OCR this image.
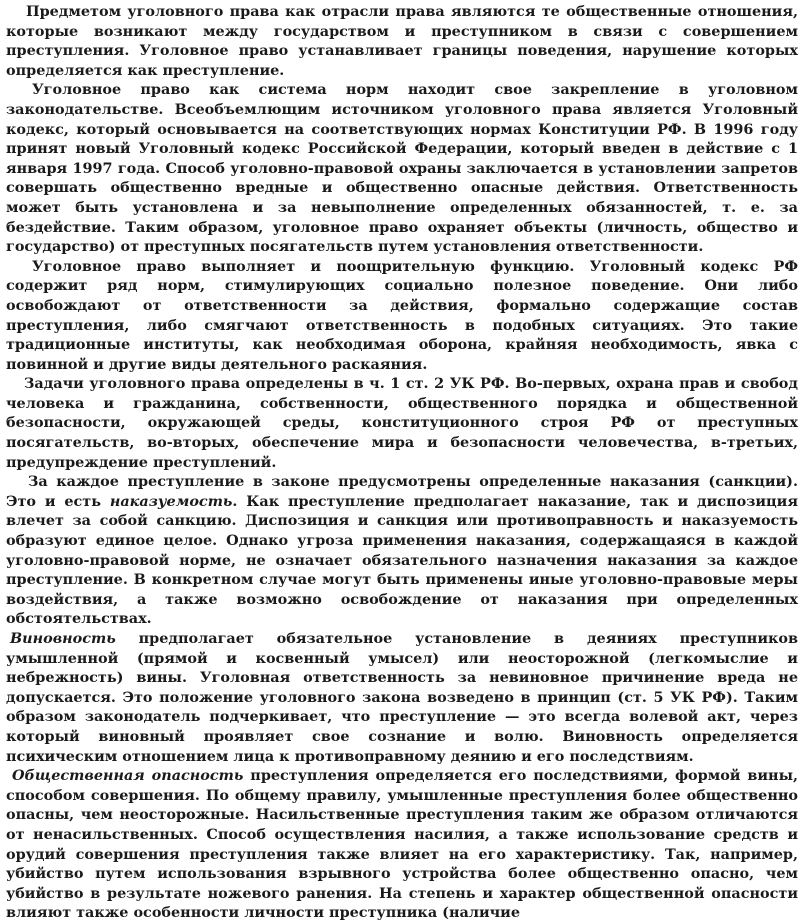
Предметом уголовного права как отрасли права являются те общественные отношения, которые возникают между государством и преступником в связи с совершением преступления. Уголовное право устанавливает границы поведения, нарушение которых определяется как преступление.

Уголовное право как система норм находит свое закрепление в уголовном законодательстве. Всеобъемлющим источником уголовного права является Уголовный кодекс, который основывается на соответствующих нормах Конституции РФ. В 1996 году принят новый Уголовный кодекс Российской Федерации, который введен в действие с 1 января 1997 года. Способ уголовно-правовой охраны заключается в установлении запретов совершать общественно вредные и общественно опасные действия. Ответственность может быть установлена и за невыполнение определенных обязанностей, т. е. за бездействие. Таким образом, уголовное право охраняет объекты (личность, общество и государство) от преступных посягательств путем установления ответственности.

Уголовное право выполняет и поощрительную функцию. Уголовный кодекс РФ содержит ряд норм, стимулирующих социально полезное поведение. Они либо освобождают от ответственности за действия, формально содержащие состав преступления, либо смягчают ответственность в подобных ситуациях. Это такие традиционные институты, как необходимая оборона, крайняя необходимость, явка с повинной и другие виды деятельного раскаяния.

Задачи уголовного права определены в ч. 1 ст. 2 УК РФ. Во-первых, охрана прав и свобод человека и гражданина, собственности, общественного порядка и общественной безопасности, окружающей среды, конституционного строя РФ от преступных посягательств, во-вторых, обеспечение мира и безопасности человечества, в-третьих, предупреждение преступлений.

За каждое преступление в законе предусмотрены определенные наказания (санкции). Это и есть наказуемость. Как преступление предполагает наказание, так и диспозиция влечет за собой санкцию. Диспозиция и санкция или противоправность и наказуемость образуют единое целое. Однако угроза применения наказания, содержащаяся в каждой уголовно-правовой норме, не означает обязательного назначения наказания за каждое преступление. В конкретном случае могут быть применены иные уголовно-правовые меры воздействия, а также возможно освобождение от наказания при определенных обстоятельствах.

Виновность предполагает обязательное установление в деяниях преступников умышленной (прямой и косвенный умысел) или неосторожной (легкомыслие и небрежность) вины. Уголовная ответственность за невиновное причинение вреда не допускается. Это положение уголовного закона возведено в принцип (ст. 5 УК РФ). Таким образом законодатель подчеркивает, что преступление — это всегда волевой акт, через который виновный проявляет свое сознание и волю. Виновность определяется психическим отношением лица к противоправному деянию и его последствиям.

Общественная опасность преступления определяется его последствиями, формой вины, способом совершения. По общему правилу, умышленные преступления более общественно опасны, чем неосторожные. Насильственные преступления таким же образом отличаются от ненасильственных. Способ осуществления насилия, а также использование средств и орудий совершения преступления также влияет на его характеристику. Так, например, убийство путем использования взрывного устройства более общественно опасно, чем убийство в результате ножевого ранения. На степень и характер общественной опасности влияют также особенности личности преступника (наличие
